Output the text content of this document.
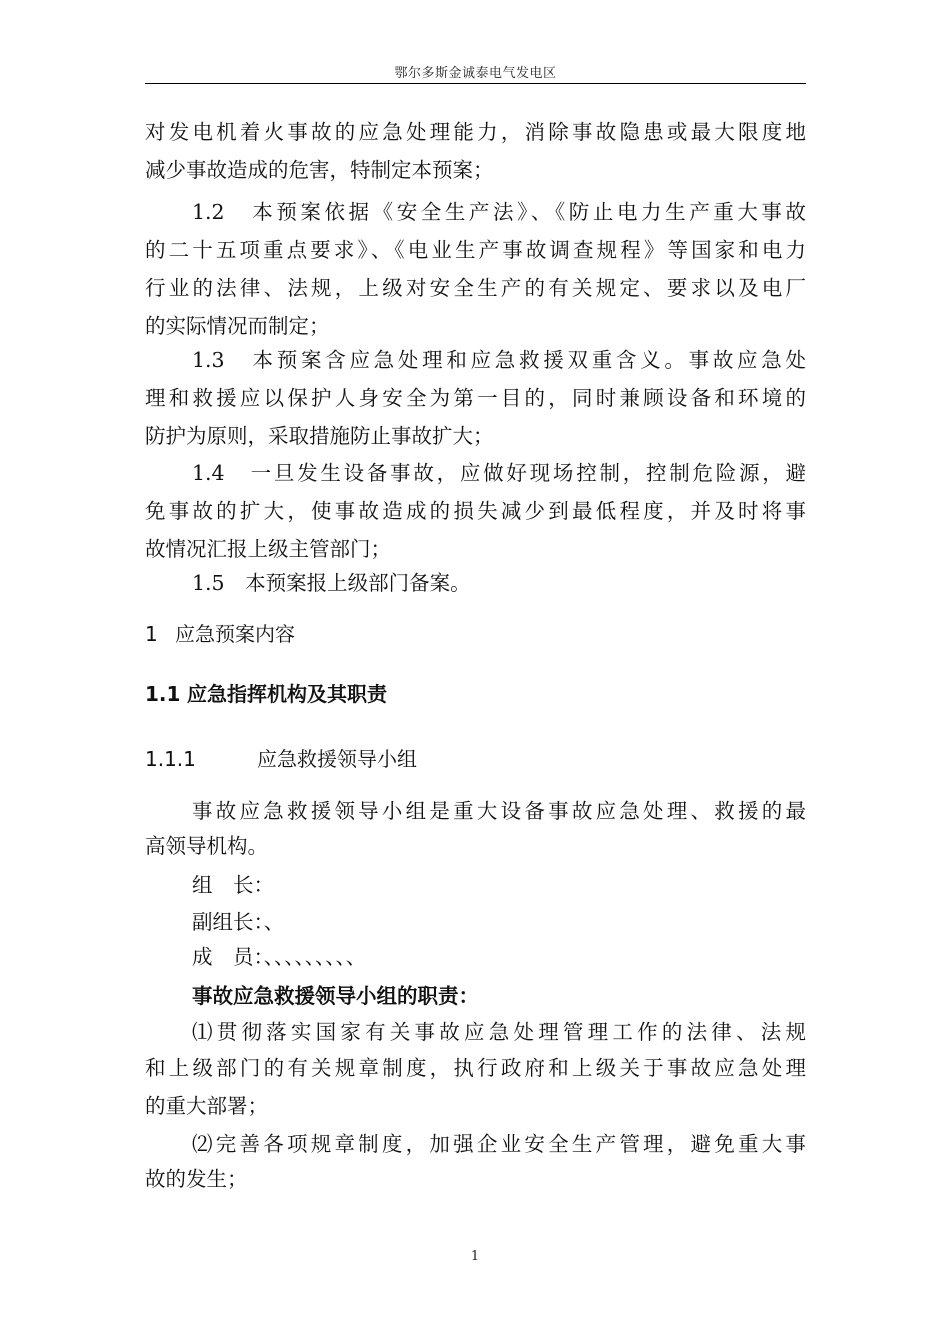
鄂尔多斯金诚泰电气发电区
对发电机着火事故的应急处理能力，消除事故隐患或最大限度地
减少事故造成的危害，特制定本预案；
1.2　本预案依据《安全生产法》、《防止电力生产重大事故
的二十五项重点要求》、《电业生产事故调查规程》等国家和电力
行业的法律、法规，上级对安全生产的有关规定、要求以及电厂
的实际情况而制定；
1.3　本预案含应急处理和应急救援双重含义。事故应急处
理和救援应以保护人身安全为第一目的，同时兼顾设备和环境的
防护为原则，采取措施防止事故扩大；
1.4　一旦发生设备事故，应做好现场控制，控制危险源，避
免事故的扩大，使事故造成的损失减少到最低程度，并及时将事
故情况汇报上级主管部门；
1.5　本预案报上级部门备案。
1 应急预案内容
1.1 应急指挥机构及其职责
1.1.1	应急救援领导小组
事故应急救援领导小组是重大设备事故应急处理、救援的最
高领导机构。
组　长：
副组长：、
成　员：、、、、、、、、、
事故应急救援领导小组的职责：
⑴贯彻落实国家有关事故应急处理管理工作的法律、法规
和上级部门的有关规章制度，执行政府和上级关于事故应急处理
的重大部署；
⑵完善各项规章制度，加强企业安全生产管理，避免重大事
故的发生；
1
